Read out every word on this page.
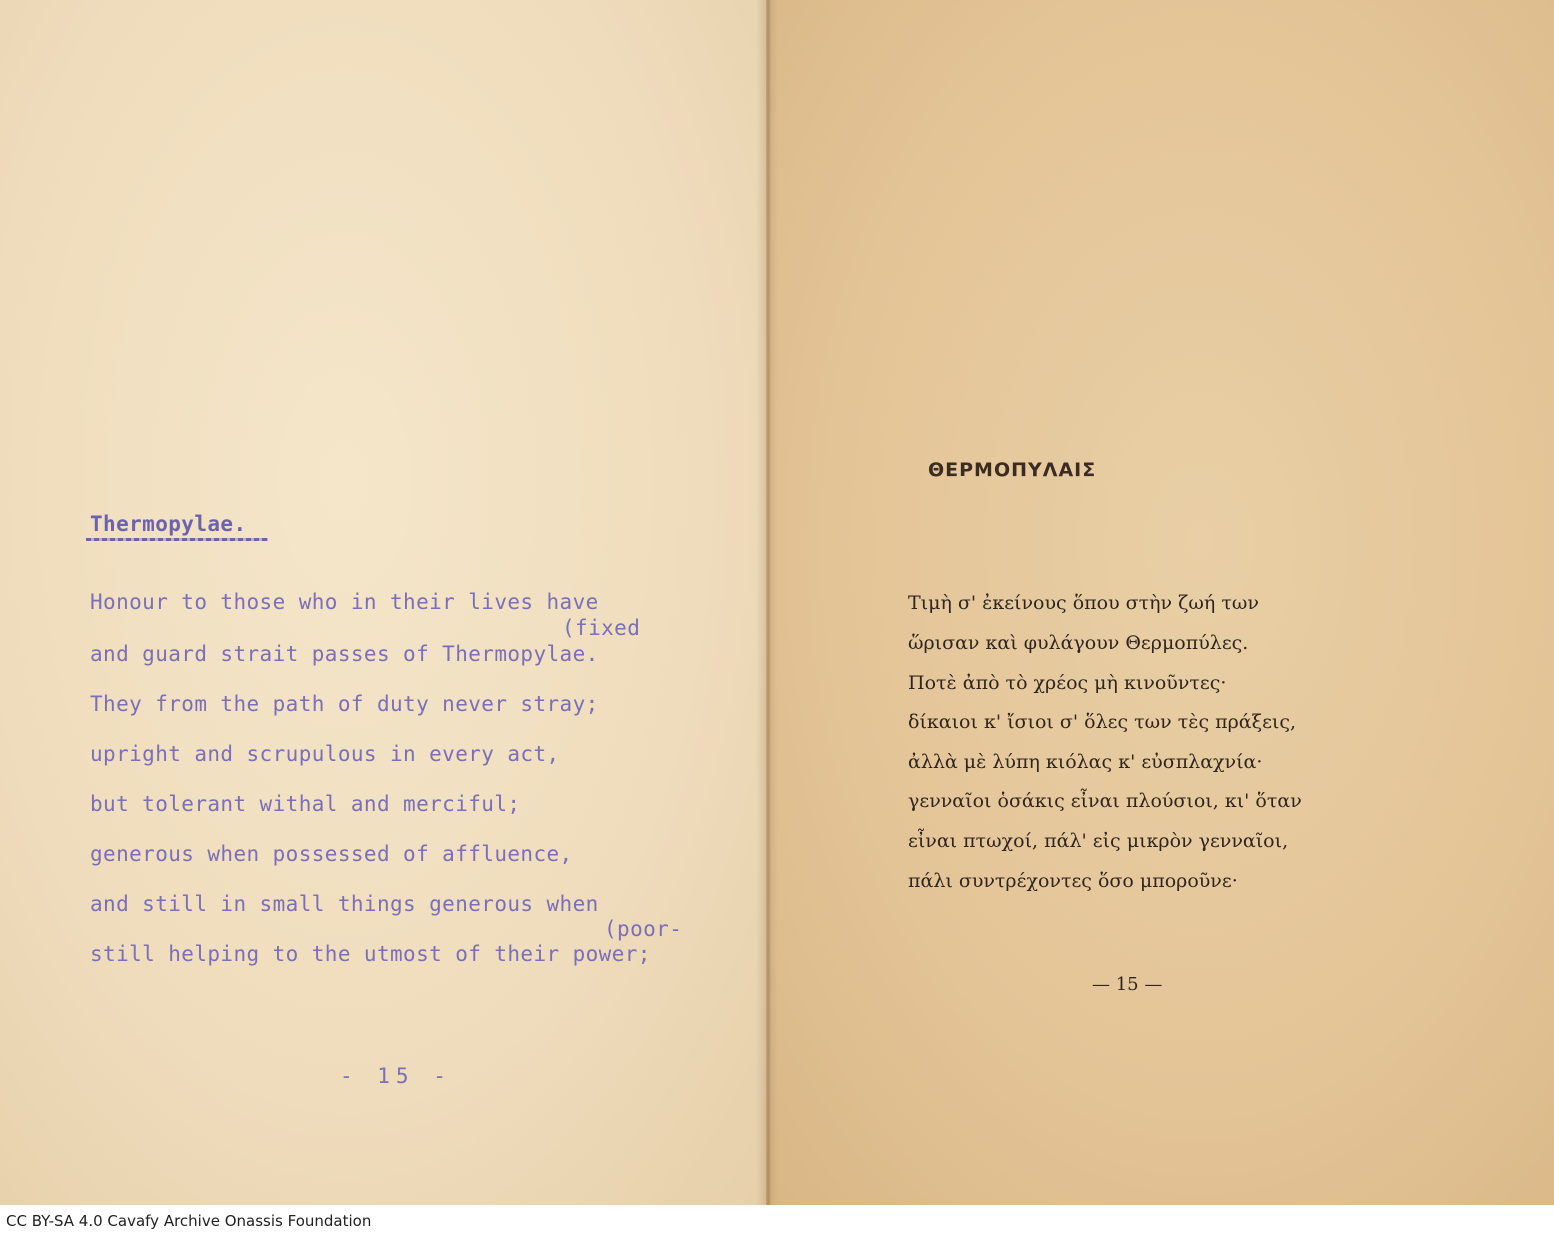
Thermopylae.
Honour to those who in their lives have
(fixed
and guard strait passes of Thermopylae.
They from the path of duty never stray;
upright and scrupulous in every act,
but tolerant withal and merciful;
generous when possessed of affluence,
and still in small things generous when
(poor-
still helping to the utmost of their power;
- 15 -
ΘΕΡΜΟΠΥΛΑΙΣ
Τιμὴ σ' ἐκείνους ὅπου στὴν ζωή των
ὥρισαν καὶ φυλάγουν Θερμοπύλες.
Ποτὲ ἀπὸ τὸ χρέος μὴ κινοῦντες·
δίκαιοι κ' ἴσιοι σ' ὅλες των τὲς πράξεις,
ἀλλὰ μὲ λύπη κιόλας κ' εὐσπλαχνία·
γενναῖοι ὁσάκις εἶναι πλούσιοι, κι' ὅταν
εἶναι πτωχοί, πάλ' εἰς μικρὸν γενναῖοι,
πάλι συντρέχοντες ὅσο μποροῦνε·
— 15 —
CC BY-SA 4.0 Cavafy Archive Onassis Foundation
